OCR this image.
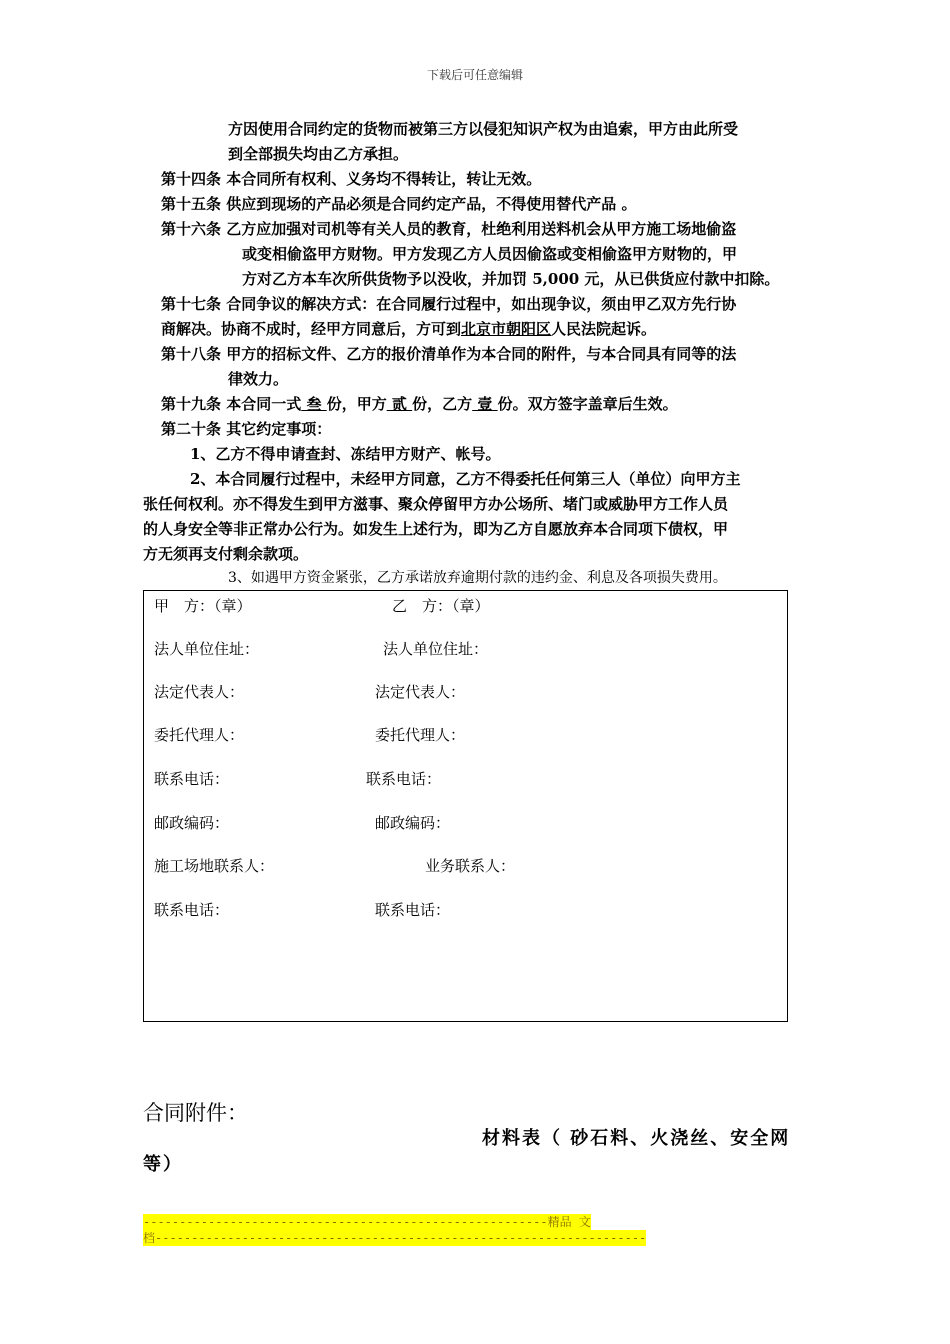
下载后可任意编辑
方因使用合同约定的货物而被第三方以侵犯知识产权为由追索，甲方由此所受
到全部损失均由乙方承担。
第十四条 本合同所有权利、义务均不得转让，转让无效。
第十五条 供应到现场的产品必须是合同约定产品，不得使用替代产品 。
第十六条 乙方应加强对司机等有关人员的教育，杜绝利用送料机会从甲方施工场地偷盗
或变相偷盗甲方财物。甲方发现乙方人员因偷盗或变相偷盗甲方财物的，甲
方对乙方本车次所供货物予以没收，并加罚 5,000 元，从已供货应付款中扣除。
第十七条 合同争议的解决方式：在合同履行过程中，如出现争议，须由甲乙双方先行协
商解决。协商不成时，经甲方同意后，方可到北京市朝阳区人民法院起诉。
第十八条 甲方的招标文件、乙方的报价清单作为本合同的附件，与本合同具有同等的法
律效力。
第十九条 本合同一式 叁 份，甲方 贰 份，乙方 壹 份。双方签字盖章后生效。
第二十条 其它约定事项：
1、乙方不得申请查封、冻结甲方财产、帐号。
2、本合同履行过程中，未经甲方同意，乙方不得委托任何第三人（单位）向甲方主
张任何权利。亦不得发生到甲方滋事、聚众停留甲方办公场所、堵门或威胁甲方工作人员
的人身安全等非正常办公行为。如发生上述行为，即为乙方自愿放弃本合同项下债权，甲
方无须再支付剩余款项。
3、如遇甲方资金紧张，乙方承诺放弃逾期付款的违约金、利息及各项损失费用。
甲　方：（章）	乙　方：（章）
法人单位住址：	法人单位住址：
法定代表人：	法定代表人：
委托代理人：	委托代理人：
联系电话：	联系电话：
邮政编码：	邮政编码：
施工场地联系人：	业务联系人：
联系电话：	联系电话：
合同附件：
材料表（ 砂石料、火浇丝、安全网
等）
--------------------------------------------------------精品 文
档--------------------------------------------------------------------
